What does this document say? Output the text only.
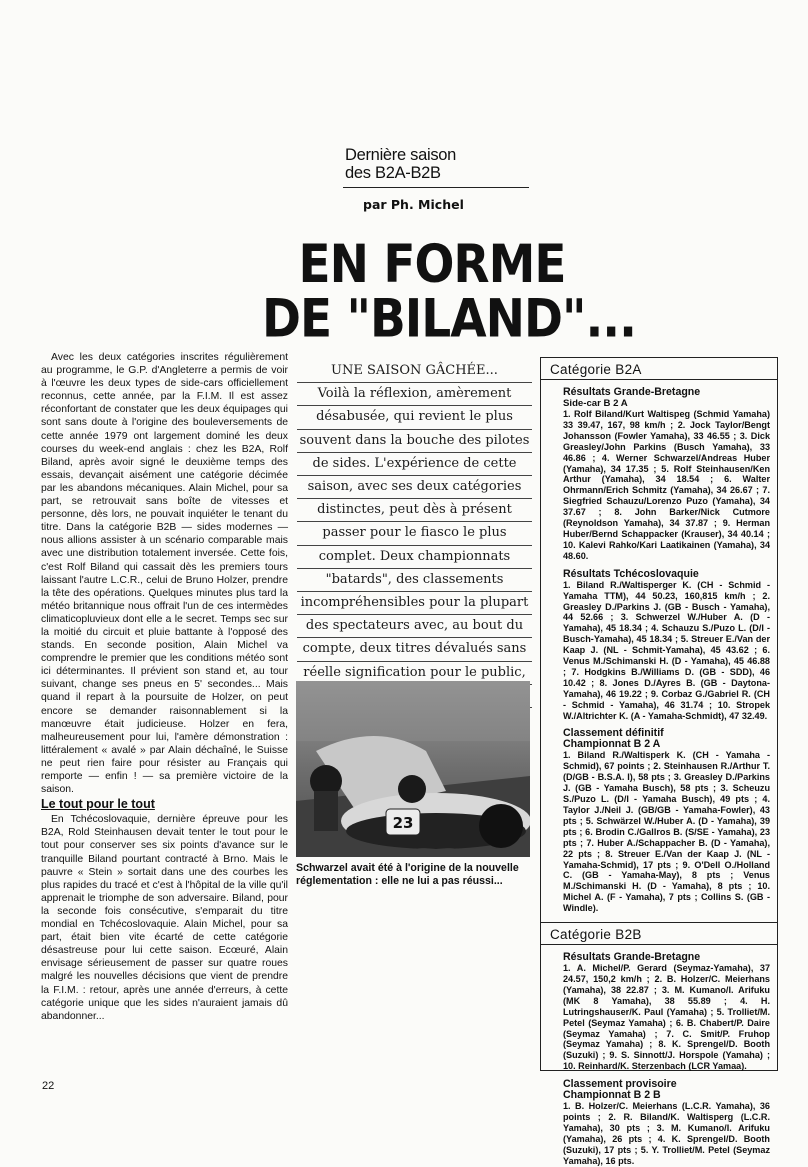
Dernière saison
des B2A-B2B
par Ph. Michel
EN FORME
DE "BILAND"...

Avec les deux catégories inscrites régulièrement au programme, le G.P. d'Angleterre a permis de voir à l'œuvre les deux types de side-cars officiellement reconnus, cette année, par la F.I.M. Il est assez réconfortant de constater que les deux équipages qui sont sans doute à l'origine des bouleversements de cette année 1979 ont largement dominé les deux courses du week-end anglais : chez les B2A, Rolf Biland, après avoir signé le deuxième temps des essais, devançait aisément une catégorie décimée par les abandons mécaniques. Alain Michel, pour sa part, se retrouvait sans boîte de vitesses et personne, dès lors, ne pouvait inquiéter le tenant du titre. Dans la catégorie B2B — sides modernes — nous allions assister à un scénario comparable mais avec une distribution totalement inversée. Cette fois, c'est Rolf Biland qui cassait dès les premiers tours laissant l'autre L.C.R., celui de Bruno Holzer, prendre la tête des opérations. Quelques minutes plus tard la météo britannique nous offrait l'un de ces intermèdes climaticopluvieux dont elle a le secret. Temps sec sur la moitié du circuit et pluie battante à l'opposé des stands. En seconde position, Alain Michel va comprendre le premier que les conditions météo sont ici déterminantes. Il prévient son stand et, au tour suivant, change ses pneus en 5' secondes... Mais quand il repart à la poursuite de Holzer, on peut encore se demander raisonnablement si la manœuvre était judicieuse. Holzer en fera, malheureusement pour lui, l'amère démonstration : littéralement « avalé » par Alain déchaîné, le Suisse ne peut rien faire pour résister au Français qui remporte — enfin ! — sa première victoire de la saison.

Le tout pour le tout

En Tchécoslovaquie, dernière épreuve pour les B2A, Rold Steinhausen devait tenter le tout pour le tout pour conserver ses six points d'avance sur le tranquille Biland pourtant contracté à Brno. Mais le pauvre « Stein » sortait dans une des courbes les plus rapides du tracé et c'est à l'hôpital de la ville qu'il apprenait le triomphe de son adversaire. Biland, pour la seconde fois consécutive, s'emparait du titre mondial en Tchécoslovaquie. Alain Michel, pour sa part, était bien vite écarté de cette catégorie désastreuse pour lui cette saison. Ecœuré, Alain envisage sérieusement de passer sur quatre roues malgré les nouvelles décisions que vient de prendre la F.I.M. : retour, après une année d'erreurs, à cette catégorie unique que les sides n'auraient jamais dû abandonner...

22
UNE SAISON GÂCHÉE...
Voilà la réflexion, amèrement
désabusée, qui revient le plus
souvent dans la bouche des pilotes
de sides. L'expérience de cette
saison, avec ses deux catégories
distinctes, peut dès à présent
passer pour le fiasco le plus
complet. Deux championnats
"batards", des classements
incompréhensibles pour la plupart
des spectateurs avec, au bout du
compte, deux titres dévalués sans
réelle signification pour le public,
23
Schwarzel avait été à l'origine de la nouvelle réglementation : elle ne lui a pas réussi...
Catégorie B2A
Résultats Grande-Bretagne
Side-car B 2 A
1. Rolf Biland/Kurt Waltispeg (Schmid Yamaha) 33 39.47, 167, 98 km/h ; 2. Jock Taylor/Bengt Johansson (Fowler Yamaha), 33 46.55 ; 3. Dick Greasley/John Parkins (Busch Yamaha), 33 46.86 ; 4. Werner Schwarzel/Andreas Huber (Yamaha), 34 17.35 ; 5. Rolf Steinhausen/Ken Arthur (Yamaha), 34 18.54 ; 6. Walter Ohrmann/Erich Schmitz (Yamaha), 34 26.67 ; 7. Siegfried Schauzu/Lorenzo Puzo (Yamaha), 34 37.67 ; 8. John Barker/Nick Cutmore (Reynoldson Yamaha), 34 37.87 ; 9. Herman Huber/Bernd Schappacker (Krauser), 34 40.14 ; 10. Kalevi Rahko/Kari Laatikainen (Yamaha), 34 48.60.
Résultats Tchécoslovaquie
1. Biland R./Waltisperger K. (CH - Schmid - Yamaha TTM), 44 50.23, 160,815 km/h ; 2. Greasley D./Parkins J. (GB - Busch - Yamaha), 44 52.66 ; 3. Schwerzel W./Huber A. (D - Yamaha), 45 18.34 ; 4. Schauzu S./Puzo L. (D/I - Busch-Yamaha), 45 18.34 ; 5. Streuer E./Van der Kaap J. (NL - Schmit-Yamaha), 45 43.62 ; 6. Venus M./Schimanski H. (D - Yamaha), 45 46.88 ; 7. Hodgkins B./Williams D. (GB - SDD), 46 10.42 ; 8. Jones D./Ayres B. (GB - Daytona-Yamaha), 46 19.22 ; 9. Corbaz G./Gabriel R. (CH - Schmid - Yamaha), 46 31.74 ; 10. Stropek W./Altrichter K. (A - Yamaha-Schmidt), 47 32.49.
Classement définitif
Championnat B 2 A
1. Biland R./Waltisperk K. (CH - Yamaha - Schmid), 67 points ; 2. Steinhausen R./Arthur T. (D/GB - B.S.A. I), 58 pts ; 3. Greasley D./Parkins J. (GB - Yamaha Busch), 58 pts ; 3. Scheuzu S./Puzo L. (D/I - Yamaha Busch), 49 pts ; 4. Taylor J./Neil J. (GB/GB - Yamaha-Fowler), 43 pts ; 5. Schwärzel W./Huber A. (D - Yamaha), 39 pts ; 6. Brodin C./Gallros B. (S/SE - Yamaha), 23 pts ; 7. Huber A./Schappacher B. (D - Yamaha), 22 pts ; 8. Streuer E./Van der Kaap J. (NL - Yamaha-Schmid), 17 pts ; 9. O'Dell O./Holland C. (GB - Yamaha-May), 8 pts ; Venus M./Schimanski H. (D - Yamaha), 8 pts ; 10. Michel A. (F - Yamaha), 7 pts ; Collins S. (GB - Windle).
Catégorie B2B
Résultats Grande-Bretagne
1. A. Michel/P. Gerard (Seymaz-Yamaha), 37 24.57, 150,2 km/h ; 2. B. Holzer/C. Meierhans (Yamaha), 38 22.87 ; 3. M. Kumano/I. Arifuku (MK 8 Yamaha), 38 55.89 ; 4. H. Lutringshauser/K. Paul (Yamaha) ; 5. Trolliet/M. Petel (Seymaz Yamaha) ; 6. B. Chabert/P. Daire (Seymaz Yamaha) ; 7. C. Smit/P. Fruhop (Seymaz Yamaha) ; 8. K. Sprengel/D. Booth (Suzuki) ; 9. S. Sinnott/J. Horspole (Yamaha) ; 10. Reinhard/K. Sterzenbach (LCR Yamaa).
Classement provisoire
Championnat B 2 B
1. B. Holzer/C. Meierhans (L.C.R. Yamaha), 36 points ; 2. R. Biland/K. Waltisperg (L.C.R. Yamaha), 30 pts ; 3. M. Kumano/I. Arifuku (Yamaha), 26 pts ; 4. K. Sprengel/D. Booth (Suzuki), 17 pts ; 5. Y. Trolliet/M. Petel (Seymaz Yamaha), 16 pts.
